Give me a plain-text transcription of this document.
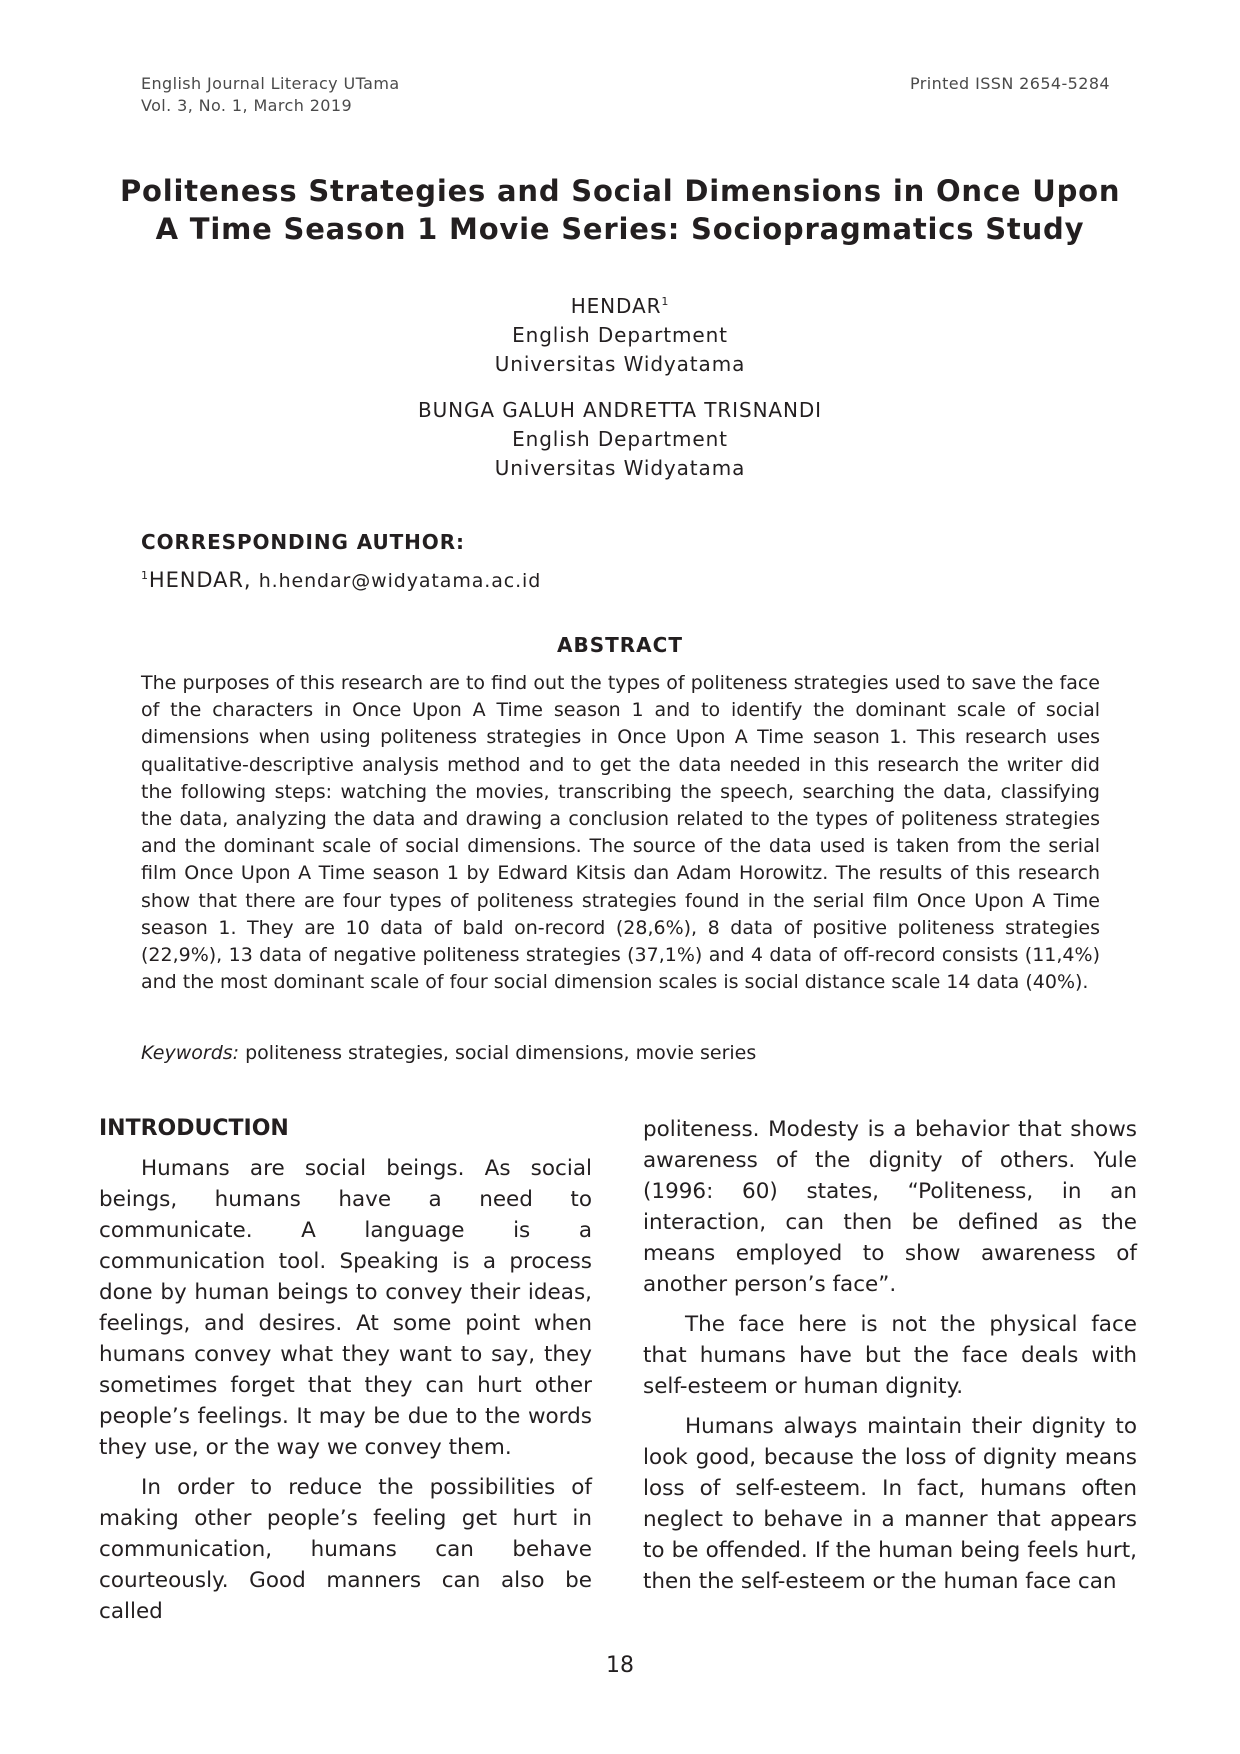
English Journal Literacy UTama
Vol. 3, No. 1, March 2019
Printed ISSN 2654-5284
Politeness Strategies and Social Dimensions in Once Upon
A Time Season 1 Movie Series: Sociopragmatics Study
HENDAR$^1$
English Department
Universitas Widyatama
BUNGA GALUH ANDRETTA TRISNANDI
English Department
Universitas Widyatama
CORRESPONDING AUTHOR:
$^1$HENDAR, h.hendar@widyatama.ac.id
ABSTRACT
The purposes of this research are to find out the types of politeness strategies used to save the face of the characters in Once Upon A Time season 1 and to identify the dominant scale of social dimensions when using politeness strategies in Once Upon A Time season 1. This research uses qualitative-descriptive analysis method and to get the data needed in this research the writer did the following steps: watching the movies, transcribing the speech, searching the data, classifying the data, analyzing the data and drawing a conclusion related to the types of politeness strategies and the dominant scale of social dimensions. The source of the data used is taken from the serial film Once Upon A Time season 1 by Edward Kitsis dan Adam Horowitz. The results of this research show that there are four types of politeness strategies found in the serial film Once Upon A Time season 1. They are 10 data of bald on-record (28,6%), 8 data of positive politeness strategies (22,9%), 13 data of negative politeness strategies (37,1%) and 4 data of off-record consists (11,4%) and the most dominant scale of four social dimension scales is social distance scale 14 data (40%).
Keywords: politeness strategies, social dimensions, movie series
INTRODUCTION

Humans are social beings. As social beings, humans have a need to communicate. A language is a communication tool. Speaking is a process done by human beings to convey their ideas, feelings, and desires. At some point when humans convey what they want to say, they sometimes forget that they can hurt other people’s feelings. It may be due to the words they use, or the way we convey them.

In order to reduce the possibilities of making other people’s feeling get hurt in communication, humans can behave courteously. Good manners can also be called

politeness. Modesty is a behavior that shows awareness of the dignity of others. Yule (1996: 60) states, “Politeness, in an interaction, can then be defined as the means employed to show awareness of another person’s face”.

The face here is not the physical face that humans have but the face deals with self-esteem or human dignity.

Humans always maintain their dignity to look good, because the loss of dignity means loss of self-esteem. In fact, humans often neglect to behave in a manner that appears to be offended. If the human being feels hurt, then the self-esteem or the human face can

18
